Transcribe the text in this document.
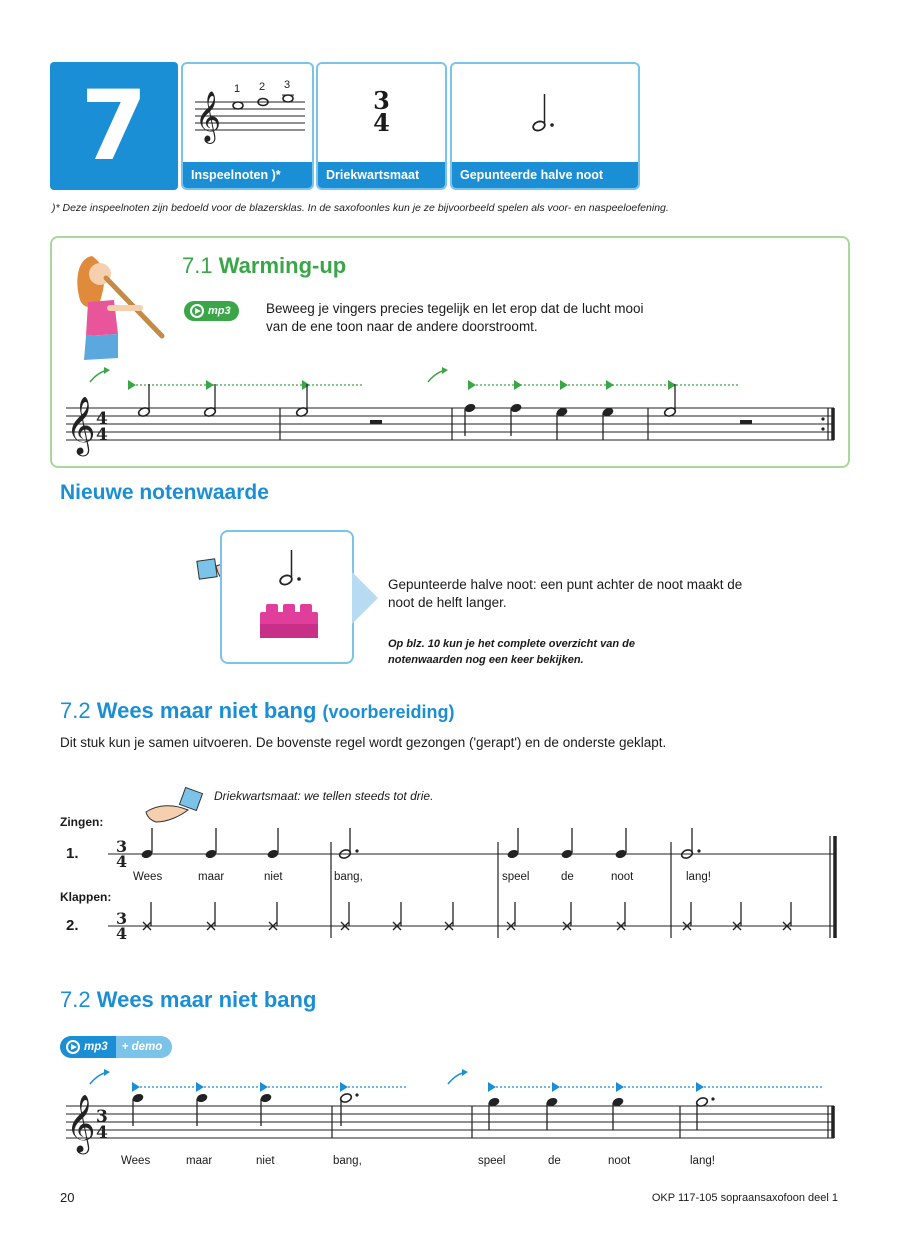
7	𝄞
1 2 3
Inspeelnoten )*
3
4
Driekwartsmaat	Gepunteerde halve noot
)* Deze inspeelnoten zijn bedoeld voor de blazersklas. In de saxofoonles kun je ze bijvoorbeeld spelen als voor- en naspeeloefening.
7.1 Warming-up
mp3	Beweeg je vingers precies tegelijk en let erop dat de lucht mooi
van de ene toon naar de andere doorstroomt.
𝄞 4
4
Nieuwe notenwaarde
Gepunteerde halve noot: een punt achter de noot maakt de
noot de helft langer.
Op blz. 10 kun je het complete overzicht van de
notenwaarden nog een keer bekijken.
7.2 Wees maar niet bang (voorbereiding)
Dit stuk kun je samen uitvoeren. De bovenste regel wordt gezongen ('gerapt') en de onderste geklapt.
Driekwartsmaat: we tellen steeds tot drie.
Zingen:
1.
Klappen:
2.
3
4
3
4
Wees	maar	niet	bang,	speel	de	noot	lang!
7.2 Wees maar niet bang
mp3	+ demo
𝄞 3
4
Wees	maar	niet	bang,	speel	de	noot	lang!
20	OKP 117-105 sopraansaxofoon deel 1
